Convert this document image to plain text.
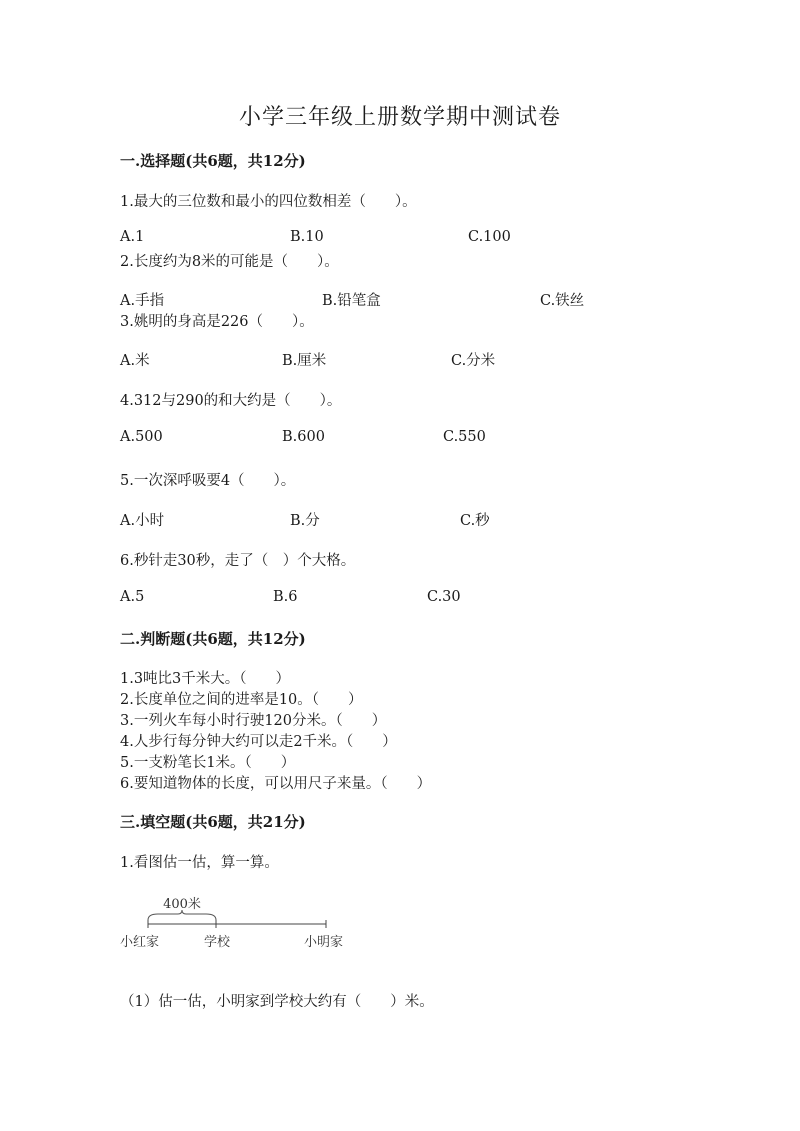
小学三年级上册数学期中测试卷
一.选择题(共6题，共12分)
1.最大的三位数和最小的四位数相差（　　）。
A.1	B.10	C.100
2.长度约为8米的可能是（　　）。
A.手指	B.铅笔盒	C.铁丝
3.姚明的身高是226（　　）。
A.米	B.厘米	C.分米
4.312与290的和大约是（　　）。
A.500	B.600	C.550
5.一次深呼吸要4（　　）。
A.小时	B.分	C.秒
6.秒针走30秒，走了（　）个大格。
A.5	B.6	C.30
二.判断题(共6题，共12分)
1.3吨比3千米大。（　　）
2.长度单位之间的进率是10。（　　）
3.一列火车每小时行驶120分米。（　　）
4.人步行每分钟大约可以走2千米。（　　）
5.一支粉笔长1米。（　　）
6.要知道物体的长度，可以用尺子来量。（　　）
三.填空题(共6题，共21分)
1.看图估一估，算一算。
400米
小红家	学校	小明家
（1）估一估，小明家到学校大约有（　　）米。
